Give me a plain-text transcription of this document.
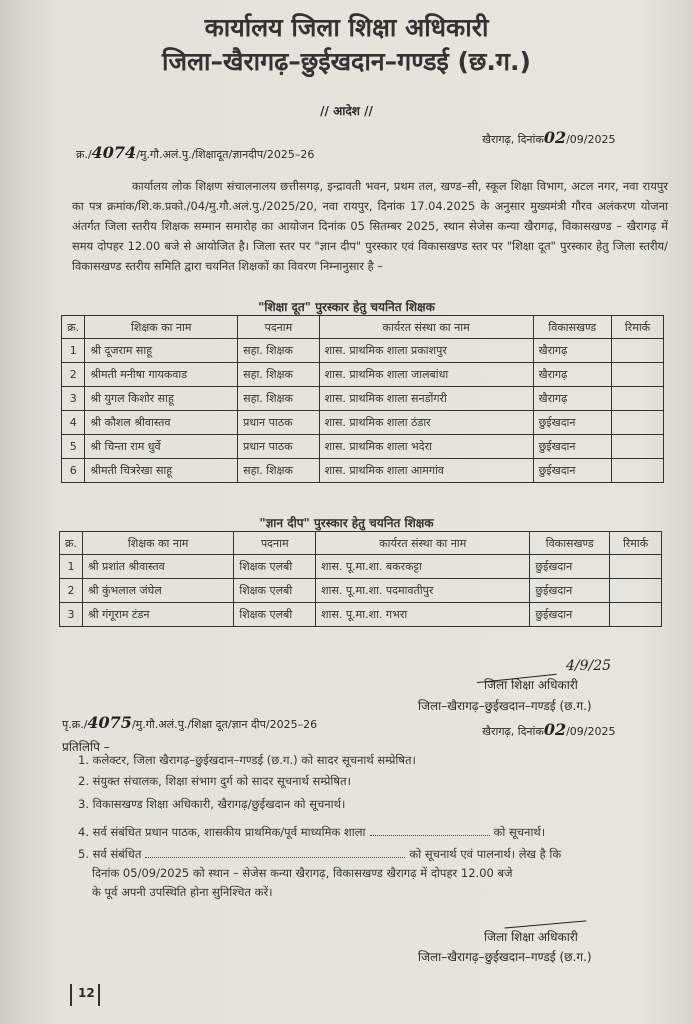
कार्यालय जिला शिक्षा अधिकारी
जिला–खैरागढ़–छुईखदान–गण्डई (छ.ग.)
// आदेश //
क्र./4074/मु.गौ.अलं.पु./शिक्षादूत/ज्ञानदीप/2025–26
खैरागढ़, दिनांक02/09/2025
कार्यालय लोक शिक्षण संचालनालय छत्तीसगढ़, इन्द्रावती भवन, प्रथम तल, खण्ड–सी, स्कूल शिक्षा विभाग, अटल नगर, नवा रायपुर का पत्र क्रमांक/शि.क.प्रको./04/मु.गौ.अलं.पु./2025/20, नवा रायपुर, दिनांक 17.04.2025 के अनुसार मुख्यमंत्री गौरव अलंकरण योजना अंतर्गत जिला स्तरीय शिक्षक सम्मान समारोह का आयोजन दिनांक 05 सितम्बर 2025, स्थान सेजेस कन्या खैरागढ़, विकासखण्ड – खैरागढ़ में समय दोपहर 12.00 बजे से आयोजित है। जिला स्तर पर "ज्ञान दीप" पुरस्कार एवं विकासखण्ड स्तर पर "शिक्षा दूत" पुरस्कार हेतु जिला स्तरीय/विकासखण्ड स्तरीय समिति द्वारा चयनित शिक्षकों का विवरण निम्नानुसार है –
"शिक्षा दूत" पुरस्कार हेतु चयनित शिक्षक
क्र.	शिक्षक का नाम	पदनाम	कार्यरत संस्था का नाम	विकासखण्ड	रिमार्क
1	श्री दूजराम साहू	सहा. शिक्षक	शास. प्राथमिक शाला प्रकाशपुर	खैरागढ़	
2	श्रीमती मनीषा गायकवाड	सहा. शिक्षक	शास. प्राथमिक शाला जालबांधा	खैरागढ़	
3	श्री युगल किशोर साहू	सहा. शिक्षक	शास. प्राथमिक शाला सनडोंगरी	खैरागढ़	
4	श्री कौशल श्रीवास्तव	प्रधान पाठक	शास. प्राथमिक शाला ठंडार	छुईखदान	
5	श्री चिन्ता राम धुर्वे	प्रधान पाठक	शास. प्राथमिक शाला भदेरा	छुईखदान	
6	श्रीमती चित्ररेखा साहू	सहा. शिक्षक	शास. प्राथमिक शाला आमगांव	छुईखदान	
"ज्ञान दीप" पुरस्कार हेतु चयनित शिक्षक
क्र.	शिक्षक का नाम	पदनाम	कार्यरत संस्था का नाम	विकासखण्ड	रिमार्क
1	श्री प्रशांत श्रीवास्तव	शिक्षक एलबी	शास. पू.मा.शा. बकरकट्टा	छुईखदान	
2	श्री कुंभलाल जंघेल	शिक्षक एलबी	शास. पू.मा.शा. पदमावतीपुर	छुईखदान	
3	श्री गंगूराम टंडन	शिक्षक एलबी	शास. पू.मा.शा. गभरा	छुईखदान	
4/9/25
जिला शिक्षा अधिकारी
जिला–खैरागढ़–छुईखदान–गण्डई (छ.ग.)
पृ.क्र./4075/मु.गौ.अलं.पु./शिक्षा दूत/ज्ञान दीप/2025–26
खैरागढ़, दिनांक02/09/2025
प्रतिलिपि –
1. कलेक्टर, जिला खैरागढ़–छुईखदान–गण्डई (छ.ग.) को सादर सूचनार्थ सम्प्रेषित।
2. संयुक्त संचालक, शिक्षा संभाग दुर्ग को सादर सूचनार्थ सम्प्रेषित।
3. विकासखण्ड शिक्षा अधिकारी, खैरागढ़/छुईखदान को सूचनार्थ।
4. सर्व संबंधित प्रधान पाठक, शासकीय प्राथमिक/पूर्व माध्यमिक शाला	को सूचनार्थ।
5. सर्व संबंधित	को सूचनार्थ एवं पालनार्थ। लेख है कि
दिनांक 05/09/2025 को स्थान – सेजेस कन्या खैरागढ़, विकासखण्ड खैरागढ़ में दोपहर 12.00 बजे
के पूर्व अपनी उपस्थिति होना सुनिश्चित करें।
जिला शिक्षा अधिकारी
जिला–खैरागढ़–छुईखदान–गण्डई (छ.ग.)
12
